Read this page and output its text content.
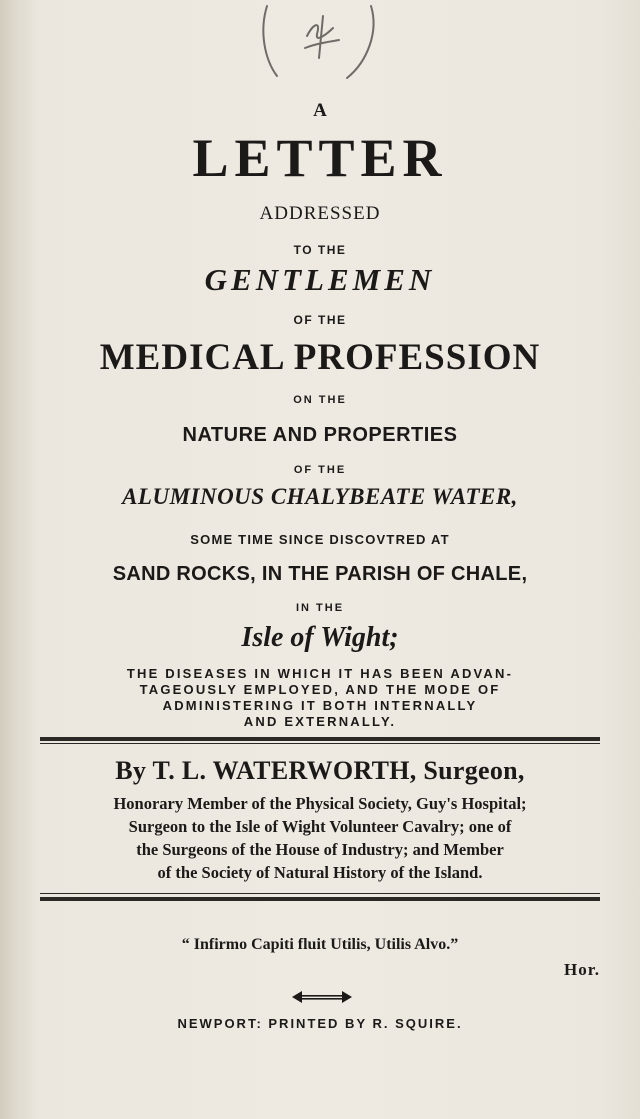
A
LETTER
ADDRESSED
TO THE
GENTLEMEN
OF THE
MEDICAL PROFESSION
ON THE
NATURE AND PROPERTIES
OF THE
ALUMINOUS CHALYBEATE WATER,
SOME TIME SINCE DISCOVTRED AT
SAND ROCKS, IN THE PARISH OF CHALE,
IN THE
Isle of Wight;
THE DISEASES IN WHICH IT HAS BEEN ADVAN-
TAGEOUSLY EMPLOYED, AND THE MODE OF
ADMINISTERING IT BOTH INTERNALLY
AND EXTERNALLY.
By T. L. WATERWORTH, Surgeon,
Honorary Member of the Physical Society, Guy's Hospital;
Surgeon to the Isle of Wight Volunteer Cavalry; one of
the Surgeons of the House of Industry; and Member
of the Society of Natural History of the Island.
“ Infirmo Capiti fluit Utilis, Utilis Alvo.”
Hor.
NEWPORT: PRINTED BY R. SQUIRE.
